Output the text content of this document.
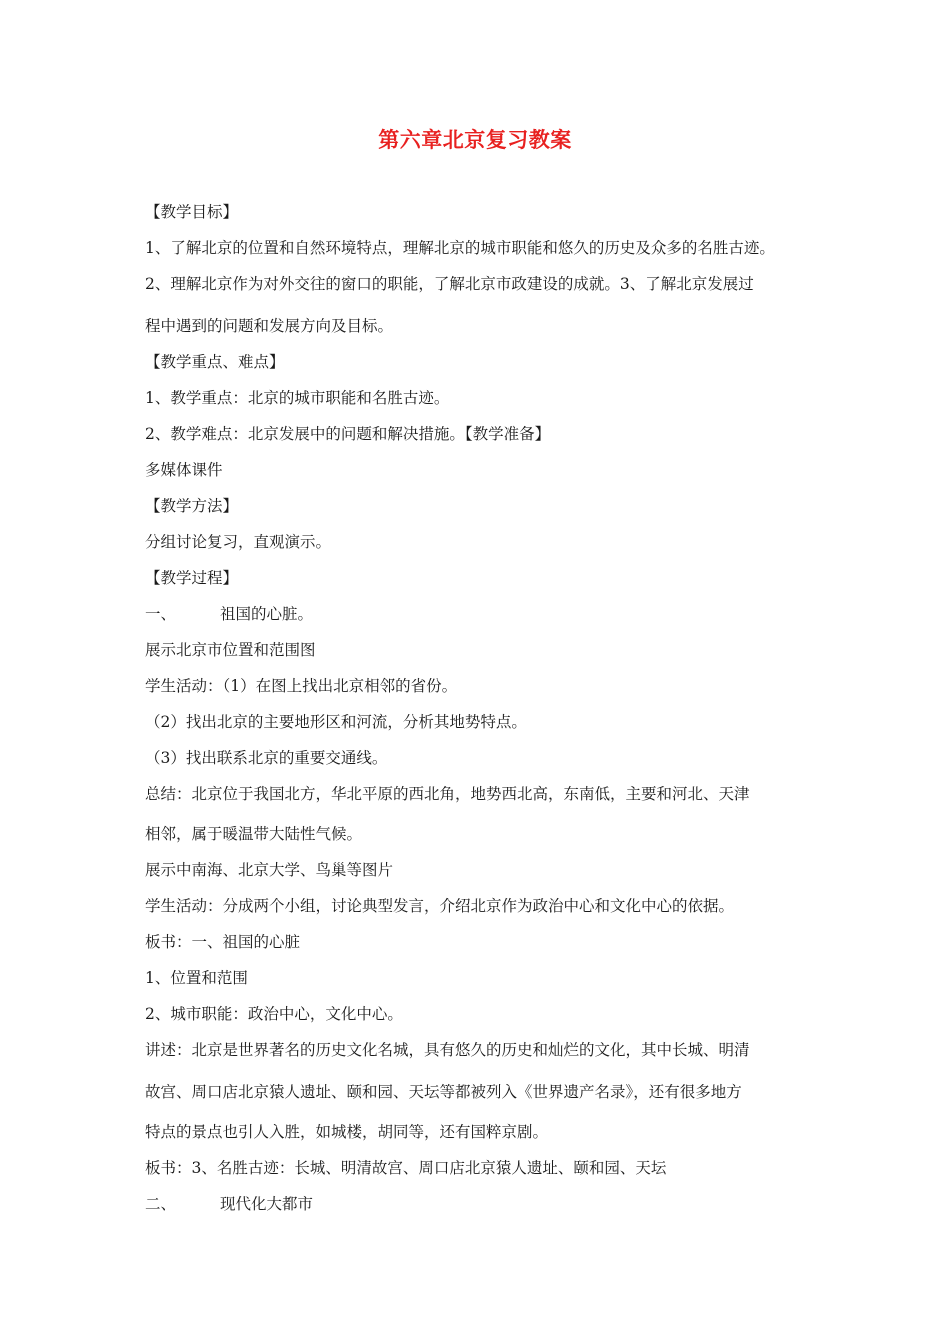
第六章北京复习教案
【教学目标】
1、了解北京的位置和自然环境特点，理解北京的城市职能和悠久的历史及众多的名胜古迹。
2、理解北京作为对外交往的窗口的职能，了解北京市政建设的成就。3、了解北京发展过
程中遇到的问题和发展方向及目标。
【教学重点、难点】
1、教学重点：北京的城市职能和名胜古迹。
2、教学难点：北京发展中的问题和解决措施。【教学准备】
多媒体课件
【教学方法】
分组讨论复习，直观演示。
【教学过程】
一、	祖国的心脏。
展示北京市位置和范围图
学生活动：（1）在图上找出北京相邻的省份。
（2）找出北京的主要地形区和河流，分析其地势特点。
（3）找出联系北京的重要交通线。
总结：北京位于我国北方，华北平原的西北角，地势西北高，东南低，主要和河北、天津
相邻，属于暖温带大陆性气候。
展示中南海、北京大学、鸟巢等图片
学生活动：分成两个小组，讨论典型发言，介绍北京作为政治中心和文化中心的依据。
板书：一、祖国的心脏
1、位置和范围
2、城市职能：政治中心，文化中心。
讲述：北京是世界著名的历史文化名城，具有悠久的历史和灿烂的文化，其中长城、明清
故宫、周口店北京猿人遗址、颐和园、天坛等都被列入《世界遗产名录》，还有很多地方
特点的景点也引人入胜，如城楼，胡同等，还有国粹京剧。
板书：3、名胜古迹：长城、明清故宫、周口店北京猿人遗址、颐和园、天坛
二、	现代化大都市
